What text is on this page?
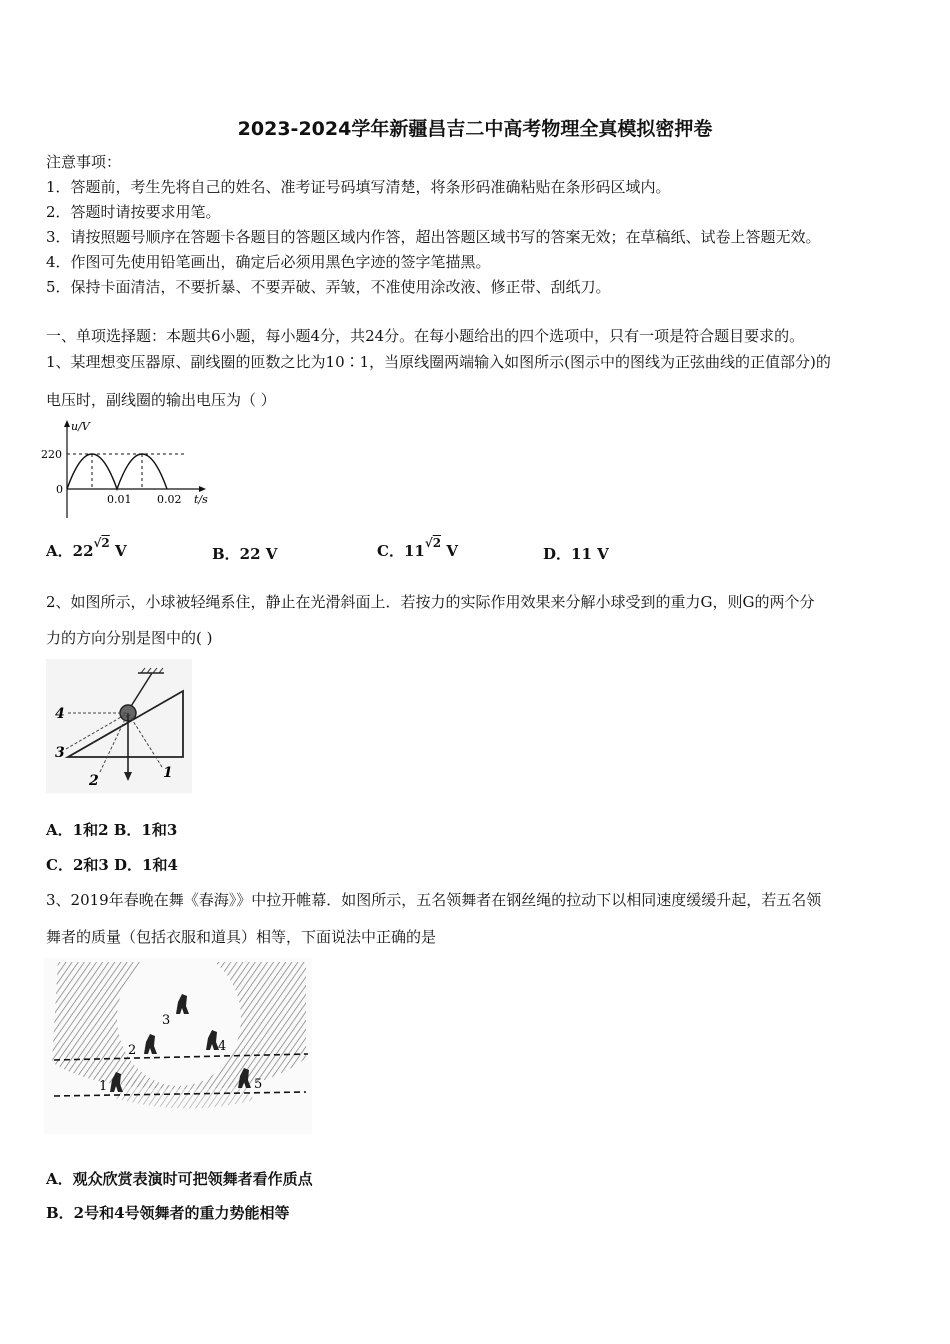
2023-2024学年新疆昌吉二中高考物理全真模拟密押卷
注意事项：
1．答题前，考生先将自己的姓名、准考证号码填写清楚，将条形码准确粘贴在条形码区域内。
2．答题时请按要求用笔。
3．请按照题号顺序在答题卡各题目的答题区域内作答，超出答题区域书写的答案无效；在草稿纸、试卷上答题无效。
4．作图可先使用铅笔画出，确定后必须用黑色字迹的签字笔描黑。
5．保持卡面清洁，不要折暴、不要弄破、弄皱，不准使用涂改液、修正带、刮纸刀。
一、单项选择题：本题共6小题，每小题4分，共24分。在每小题给出的四个选项中，只有一项是符合题目要求的。
1、某理想变压器原、副线圈的匝数之比为10∶1，当原线圈两端输入如图所示(图示中的图线为正弦曲线的正值部分)的
电压时，副线圈的输出电压为（ ）
u/V
220
0
0.01 0.02 t/s
A．$22^{√2}$ V	B．22 V	C．$11^{√2}$ V	D．11 V
2、如图所示，小球被轻绳系住，静止在光滑斜面上．若按力的实际作用效果来分解小球受到的重力G，则G的两个分
力的方向分别是图中的( )
4
3
2	1
A．1和2 B．1和3
C．2和3 D．1和4
3、2019年春晚在舞《春海》》中拉开帷幕．如图所示，五名领舞者在钢丝绳的拉动下以相同速度缓缓升起，若五名领
舞者的质量（包括衣服和道具）相等，下面说法中正确的是
3
2	4
1	5
A．观众欣赏表演时可把领舞者看作质点
B．2号和4号领舞者的重力势能相等
